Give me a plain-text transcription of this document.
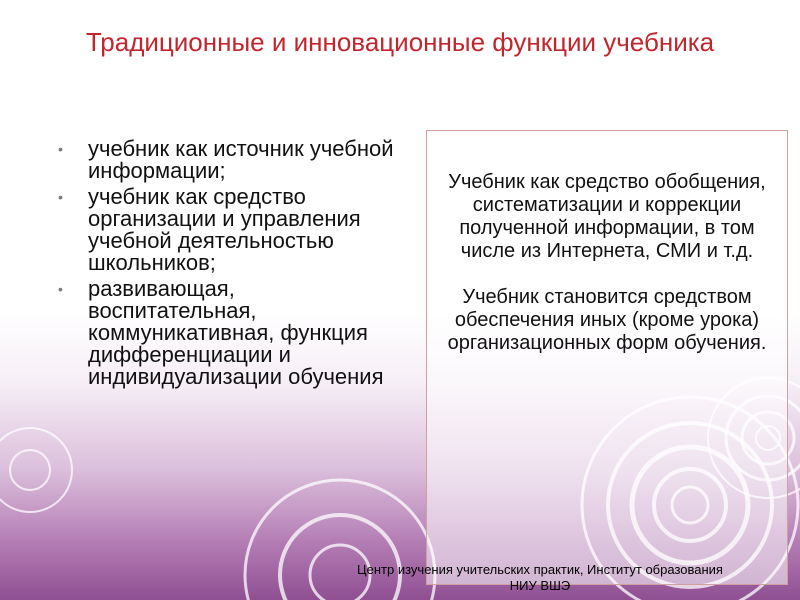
Традиционные и инновационные функции учебника
• учебник как источник учебной информации;
• учебник как средство организации и управления учебной деятельностью школьников;
• развивающая, воспитательная, коммуникативная, функция дифференциации и индивидуализации обучения

Учебник как средство обобщения, систематизации и коррекции полученной информации, в том числе из Интернета, СМИ и т.д.

Учебник становится средством обеспечения иных (кроме урока) организационных форм обучения.

Центр изучения учительских практик, Институт образования
НИУ ВШЭ
